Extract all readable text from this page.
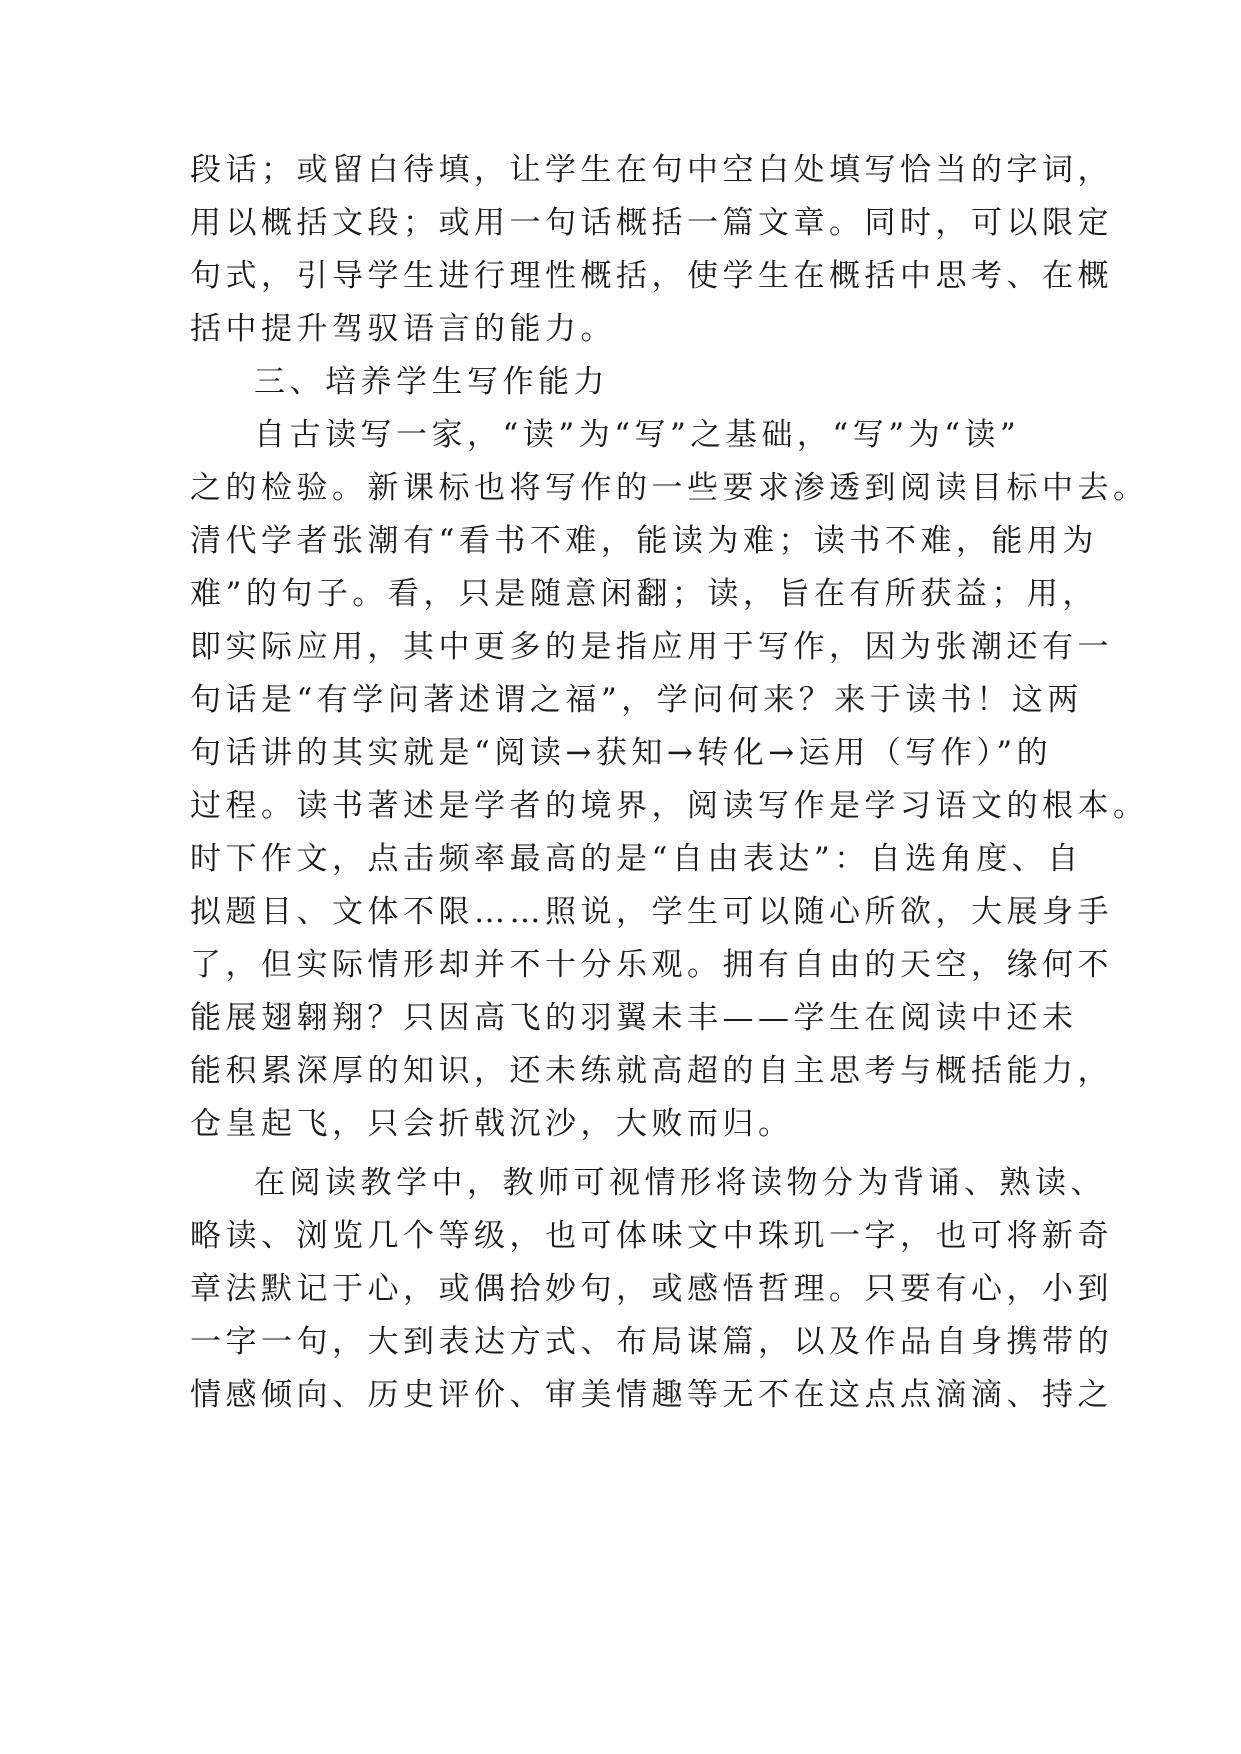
段话；或留白待填，让学生在句中空白处填写恰当的字词，
用以概括文段；或用一句话概括一篇文章。同时，可以限定
句式，引导学生进行理性概括，使学生在概括中思考、在概
括中提升驾驭语言的能力。
三、培养学生写作能力
自古读写一家，“读”为“写”之基础，“写”为“读”
之的检验。新课标也将写作的一些要求渗透到阅读目标中去。
清代学者张潮有“看书不难，能读为难；读书不难，能用为
难”的句子。看，只是随意闲翻；读，旨在有所获益；用，
即实际应用，其中更多的是指应用于写作，因为张潮还有一
句话是“有学问著述谓之福”，学问何来？来于读书！这两
句话讲的其实就是“阅读→获知→转化→运用（写作）”的
过程。读书著述是学者的境界，阅读写作是学习语文的根本。
时下作文，点击频率最高的是“自由表达”：自选角度、自
拟题目、文体不限……照说，学生可以随心所欲，大展身手
了，但实际情形却并不十分乐观。拥有自由的天空，缘何不
能展翅翱翔？只因高飞的羽翼未丰——学生在阅读中还未
能积累深厚的知识，还未练就高超的自主思考与概括能力，
仓皇起飞，只会折戟沉沙，大败而归。
在阅读教学中，教师可视情形将读物分为背诵、熟读、
略读、浏览几个等级，也可体味文中珠玑一字，也可将新奇
章法默记于心，或偶拾妙句，或感悟哲理。只要有心，小到
一字一句，大到表达方式、布局谋篇，以及作品自身携带的
情感倾向、历史评价、审美情趣等无不在这点点滴滴、持之
